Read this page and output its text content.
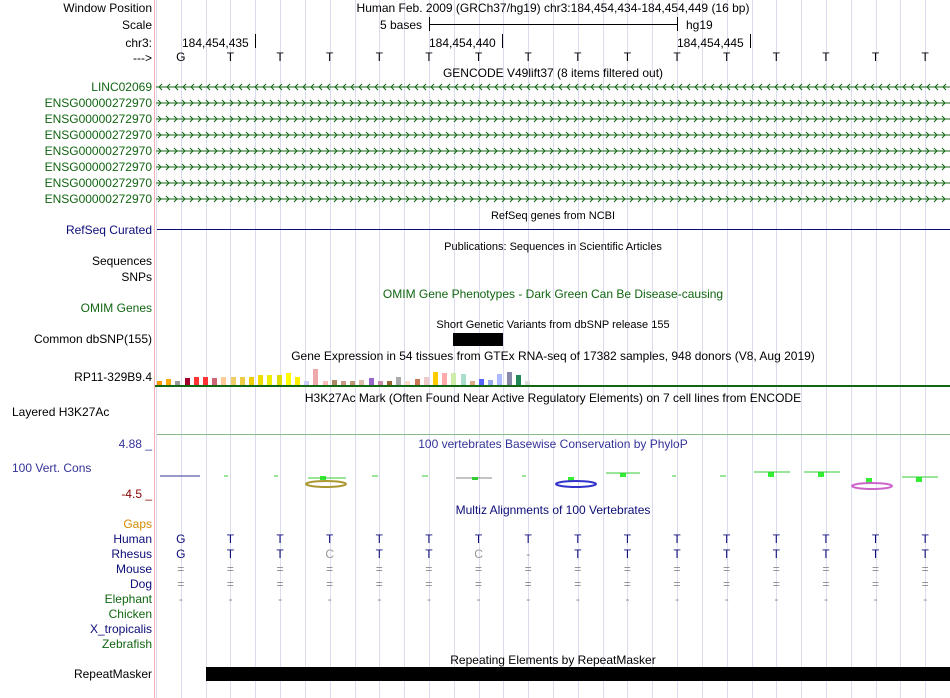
Window Position	Human Feb. 2009 (GRCh37/hg19) chr3:184,454,434-184,454,449 (16 bp)
Scale	5 bases	hg19
chr3:	184,454,435	184,454,440	184,454,445
---> G	T	T	T	T	T	T	T	T	T	T	T	T	T	T	T
GENCODE V49lift37 (8 items filtered out)
LINC02069
ENSG00000272970
ENSG00000272970
ENSG00000272970
ENSG00000272970
ENSG00000272970
ENSG00000272970
ENSG00000272970
RefSeq genes from NCBI
RefSeq Curated
Publications: Sequences in Scientific Articles
Sequences
SNPs
OMIM Gene Phenotypes - Dark Green Can Be Disease-causing
OMIM Genes
Short Genetic Variants from dbSNP release 155
Common dbSNP(155)
Gene Expression in 54 tissues from GTEx RNA-seq of 17382 samples, 948 donors (V8, Aug 2019)
RP11-329B9.4
H3K27Ac Mark (Often Found Near Active Regulatory Elements) on 7 cell lines from ENCODE
Layered H3K27Ac
100 vertebrates Basewise Conservation by PhyloP
4.88 _
100 Vert. Cons
-4.5 _
Multiz Alignments of 100 Vertebrates
Gaps
Human G	T	T	T	T	T	T	T	T	T	T	T	T	T	T	T
Rhesus G	T	T	C	T	T	C	-	T	T	T	T	T	T	T	T
Mouse =	=	=	=	=	=	=	=	=	=	=	=	=	=	=	=
Dog =	=	=	=	=	=	=	=	=	=	=	=	=	=	=	=
Elephant -	-	-	-	-	-	-	-	-	-	-	-	-	-	-	-
Chicken
X_tropicalis
Zebrafish
Repeating Elements by RepeatMasker
RepeatMasker
